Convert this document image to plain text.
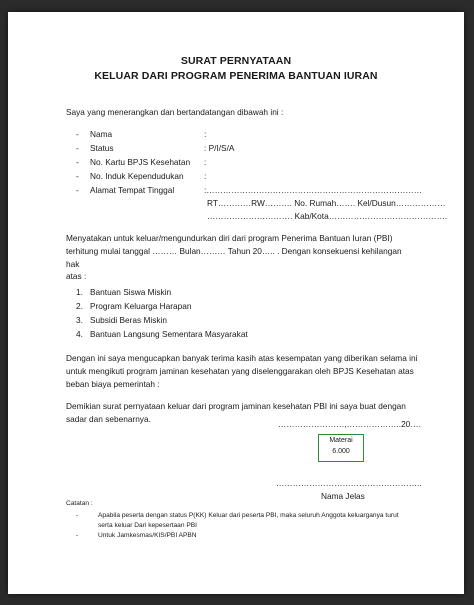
SURAT PERNYATAAN
KELUAR DARI PROGRAM PENERIMA BANTUAN IURAN
Saya yang menerangkan dan bertandatangan dibawah ini :
- Nama	:
- Status	: P/I/S/A
- No. Kartu BPJS Kesehatan :
- No. Induk Kependudukan :
- Alamat Tempat Tinggal	:……………………………………………………………………
RT…………RW………. No. Rumah……. Kel/Dusun………………
…………………………. Kab/Kota…………………………………….
Menyatakan untuk keluar/mengundurkan diri dari program Penerima Bantuan Iuran (PBI)
terhitung mulai tanggal ……… Bulan……… Tahun 20….. . Dengan konsekuensi kehilangan
hak
atas :
1. Bantuan Siswa Miskin
2. Program Keluarga Harapan
3. Subsidi Beras Miskin
4. Bantuan Langsung Sementara Masyarakat
Dengan ini saya mengucapkan banyak terima kasih atas kesempatan yang diberikan selama ini
untuk mengikuti program jaminan kesehatan yang diselenggarakan oleh BPJS Kesehatan atas
beban biaya pemerintah :
Demikian surat pernyataan keluar dari program jaminan kesehatan PBI ini saya buat dengan
sadar dan sebenarnya.	……………………,………………..20….
Materai
6.000
……………………………………………..
Nama Jelas
Catatan :
-	Apabila peserta dengan status P(KK) Keluar dari peserta PBI, maka seluruh Anggota keluarganya turut
serta keluar Dari kepesertaan PBI
-	Untuk Jamkesmas/KIS/PBI APBN
